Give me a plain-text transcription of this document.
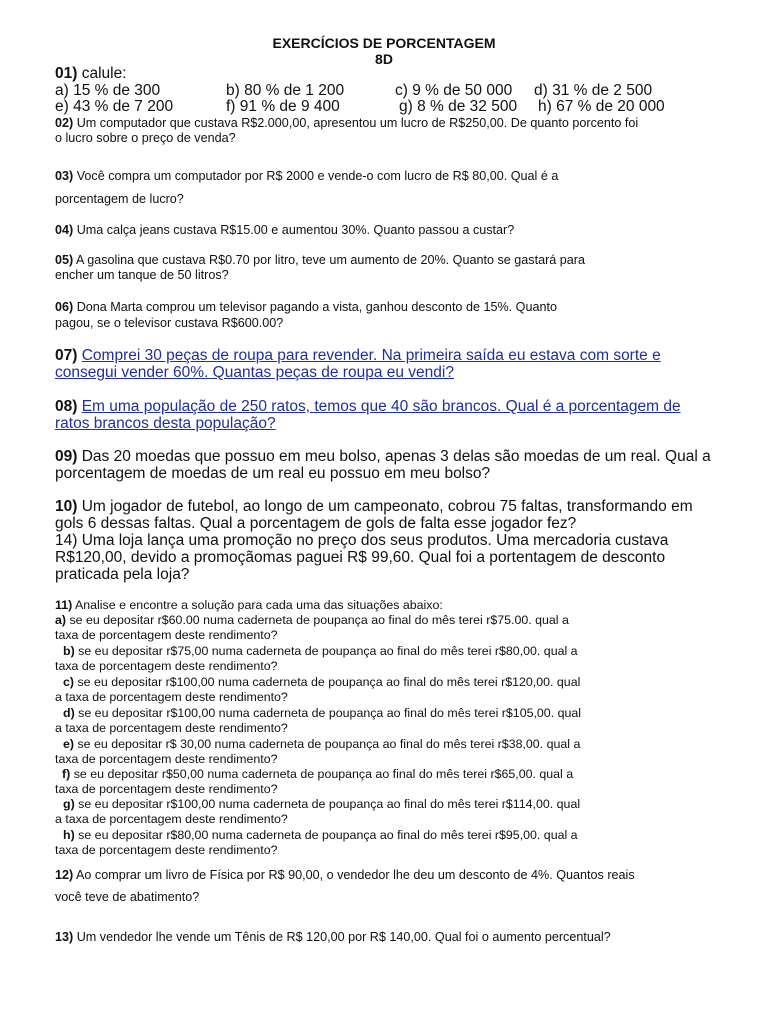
EXERCÍCIOS DE PORCENTAGEM
8D
01) calule:
a) 15 % de 300	b) 80 % de 1 200	c) 9 % de 50 000 d) 31 % de 2 500
e) 43 % de 7 200	f) 91 % de 9 400	g) 8 % de 32 500 h) 67 % de 20 000
02) Um computador que custava R$2.000,00, apresentou um lucro de R$250,00. De quanto porcento foi
o lucro sobre o preço de venda?
03) Você compra um computador por R$ 2000 e vende-o com lucro de R$ 80,00. Qual é a
porcentagem de lucro?
04) Uma calça jeans custava R$15.00 e aumentou 30%. Quanto passou a custar?
05) A gasolina que custava R$0.70 por litro, teve um aumento de 20%. Quanto se gastará para
encher um tanque de 50 litros?
06) Dona Marta comprou um televisor pagando a vista, ganhou desconto de 15%. Quanto
pagou, se o televisor custava R$600.00?
07) Comprei 30 peças de roupa para revender. Na primeira saída eu estava com sorte e
consegui vender 60%. Quantas peças de roupa eu vendi?
08) Em uma população de 250 ratos, temos que 40 são brancos. Qual é a porcentagem de
ratos brancos desta população?
09) Das 20 moedas que possuo em meu bolso, apenas 3 delas são moedas de um real. Qual a
porcentagem de moedas de um real eu possuo em meu bolso?
10) Um jogador de futebol, ao longo de um campeonato, cobrou 75 faltas, transformando em
gols 6 dessas faltas. Qual a porcentagem de gols de falta esse jogador fez?
14) Uma loja lança uma promoção no preço dos seus produtos. Uma mercadoria custava
R$120,00, devido a promoçãomas paguei R$ 99,60. Qual foi a portentagem de desconto
praticada pela loja?
11) Analise e encontre a solução para cada uma das situações abaixo:
a) se eu depositar r$60.00 numa caderneta de poupança ao final do mês terei r$75.00. qual a
taxa de porcentagem deste rendimento?
b) se eu depositar r$75,00 numa caderneta de poupança ao final do mês terei r$80,00. qual a
taxa de porcentagem deste rendimento?
c) se eu depositar r$100,00 numa caderneta de poupança ao final do mês terei r$120,00. qual
a taxa de porcentagem deste rendimento?
d) se eu depositar r$100,00 numa caderneta de poupança ao final do mês terei r$105,00. qual
a taxa de porcentagem deste rendimento?
e) se eu depositar r$ 30,00 numa caderneta de poupança ao final do mês terei r$38,00. qual a
taxa de porcentagem deste rendimento?
f) se eu depositar r$50,00 numa caderneta de poupança ao final do mês terei r$65,00. qual a
taxa de porcentagem deste rendimento?
g) se eu depositar r$100,00 numa caderneta de poupança ao final do mês terei r$114,00. qual
a taxa de porcentagem deste rendimento?
h) se eu depositar r$80,00 numa caderneta de poupança ao final do mês terei r$95,00. qual a
taxa de porcentagem deste rendimento?
12) Ao comprar um livro de Física por R$ 90,00, o vendedor lhe deu um desconto de 4%. Quantos reais
você teve de abatimento?
13) Um vendedor lhe vende um Tênis de R$ 120,00 por R$ 140,00. Qual foi o aumento percentual?
